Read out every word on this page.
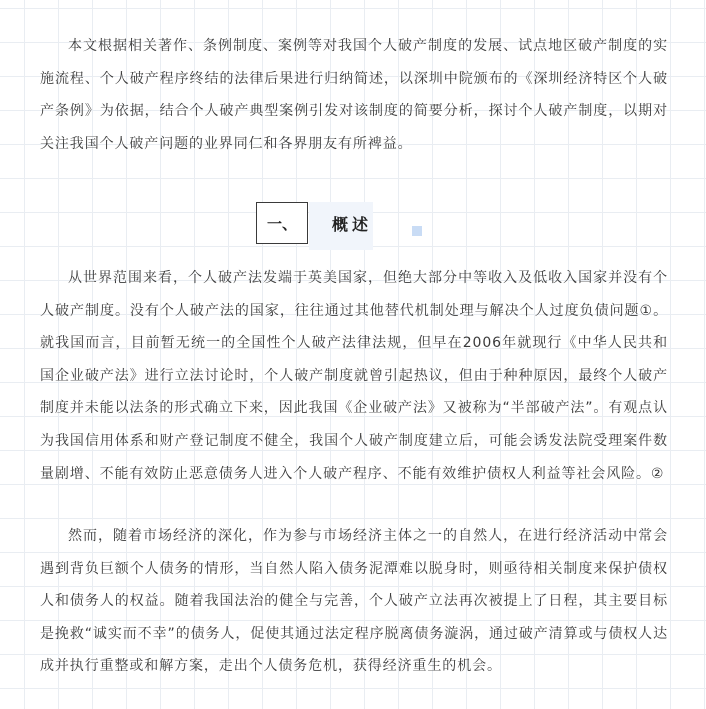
本文根据相关著作、条例制度、案例等对我国个人破产制度的发展、试点地区破产制度的实施流程、个人破产程序终结的法律后果进行归纳简述，以深圳中院颁布的《深圳经济特区个人破产条例》为依据，结合个人破产典型案例引发对该制度的简要分析，探讨个人破产制度，以期对关注我国个人破产问题的业界同仁和各界朋友有所裨益。

一、	概述

从世界范围来看，个人破产法发端于英美国家，但绝大部分中等收入及低收入国家并没有个人破产制度。没有个人破产法的国家，往往通过其他替代机制处理与解决个人过度负债问题①。就我国而言，目前暂无统一的全国性个人破产法律法规，但早在2006年就现行《中华人民共和国企业破产法》进行立法讨论时，个人破产制度就曾引起热议，但由于种种原因，最终个人破产制度并未能以法条的形式确立下来，因此我国《企业破产法》又被称为“半部破产法”。有观点认为我国信用体系和财产登记制度不健全，我国个人破产制度建立后，可能会诱发法院受理案件数量剧增、不能有效防止恶意债务人进入个人破产程序、不能有效维护债权人利益等社会风险。②

然而，随着市场经济的深化，作为参与市场经济主体之一的自然人，在进行经济活动中常会遇到背负巨额个人债务的情形，当自然人陷入债务泥潭难以脱身时，则亟待相关制度来保护债权人和债务人的权益。随着我国法治的健全与完善，个人破产立法再次被提上了日程，其主要目标是挽救“诚实而不幸”的债务人，促使其通过法定程序脱离债务漩涡，通过破产清算或与债权人达成并执行重整或和解方案，走出个人债务危机，获得经济重生的机会。
